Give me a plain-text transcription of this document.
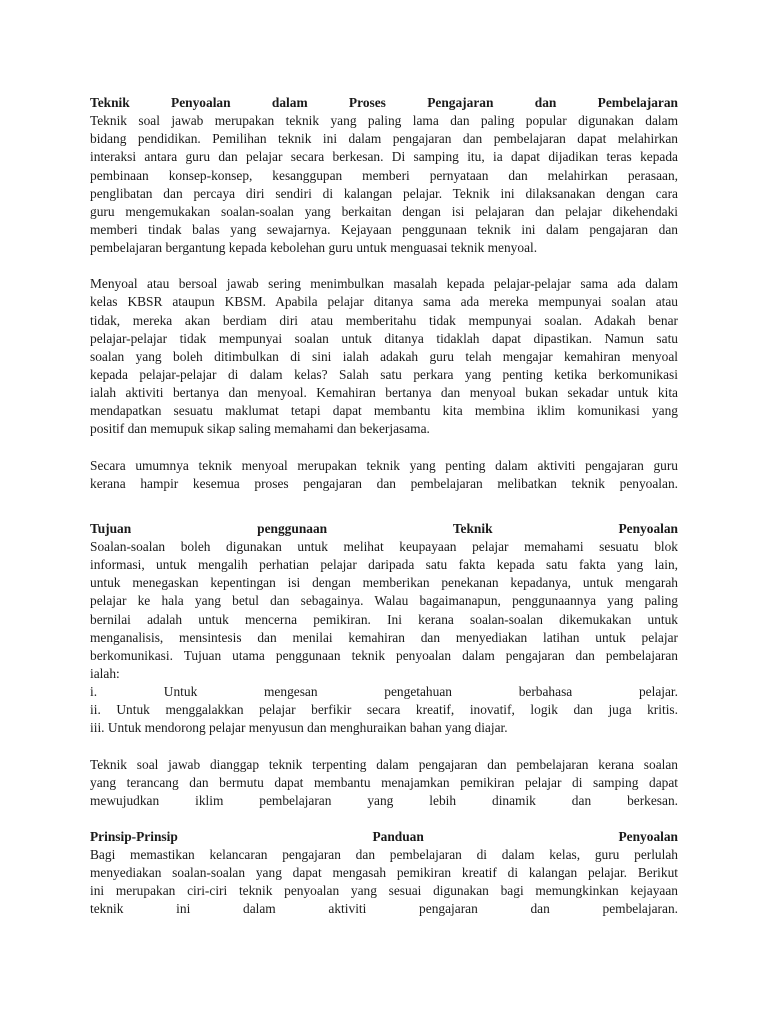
Teknik Penyoalan dalam Proses Pengajaran dan Pembelajaran
Teknik soal jawab merupakan teknik yang paling lama dan paling popular digunakan dalam
bidang pendidikan. Pemilihan teknik ini dalam pengajaran dan pembelajaran dapat melahirkan
interaksi antara guru dan pelajar secara berkesan. Di samping itu, ia dapat dijadikan teras kepada
pembinaan konsep-konsep, kesanggupan memberi pernyataan dan melahirkan perasaan,
penglibatan dan percaya diri sendiri di kalangan pelajar. Teknik ini dilaksanakan dengan cara
guru mengemukakan soalan-soalan yang berkaitan dengan isi pelajaran dan pelajar dikehendaki
memberi tindak balas yang sewajarnya. Kejayaan penggunaan teknik ini dalam pengajaran dan
pembelajaran bergantung kepada kebolehan guru untuk menguasai teknik menyoal.
Menyoal atau bersoal jawab sering menimbulkan masalah kepada pelajar-pelajar sama ada dalam
kelas KBSR ataupun KBSM. Apabila pelajar ditanya sama ada mereka mempunyai soalan atau
tidak, mereka akan berdiam diri atau memberitahu tidak mempunyai soalan. Adakah benar
pelajar-pelajar tidak mempunyai soalan untuk ditanya tidaklah dapat dipastikan. Namun satu
soalan yang boleh ditimbulkan di sini ialah adakah guru telah mengajar kemahiran menyoal
kepada pelajar-pelajar di dalam kelas? Salah satu perkara yang penting ketika berkomunikasi
ialah aktiviti bertanya dan menyoal. Kemahiran bertanya dan menyoal bukan sekadar untuk kita
mendapatkan sesuatu maklumat tetapi dapat membantu kita membina iklim komunikasi yang
positif dan memupuk sikap saling memahami dan bekerjasama.
Secara umumnya teknik menyoal merupakan teknik yang penting dalam aktiviti pengajaran guru
kerana hampir kesemua proses pengajaran dan pembelajaran melibatkan teknik penyoalan.
Tujuan penggunaan Teknik Penyoalan
Soalan-soalan boleh digunakan untuk melihat keupayaan pelajar memahami sesuatu blok
informasi, untuk mengalih perhatian pelajar daripada satu fakta kepada satu fakta yang lain,
untuk menegaskan kepentingan isi dengan memberikan penekanan kepadanya, untuk mengarah
pelajar ke hala yang betul dan sebagainya. Walau bagaimanapun, penggunaannya yang paling
bernilai adalah untuk mencerna pemikiran. Ini kerana soalan-soalan dikemukakan untuk
menganalisis, mensintesis dan menilai kemahiran dan menyediakan latihan untuk pelajar
berkomunikasi. Tujuan utama penggunaan teknik penyoalan dalam pengajaran dan pembelajaran
ialah:
i. Untuk mengesan pengetahuan berbahasa pelajar.
ii. Untuk menggalakkan pelajar berfikir secara kreatif, inovatif, logik dan juga kritis.
iii. Untuk mendorong pelajar menyusun dan menghuraikan bahan yang diajar.
Teknik soal jawab dianggap teknik terpenting dalam pengajaran dan pembelajaran kerana soalan
yang terancang dan bermutu dapat membantu menajamkan pemikiran pelajar di samping dapat
mewujudkan iklim pembelajaran yang lebih dinamik dan berkesan.
Prinsip-Prinsip Panduan Penyoalan
Bagi memastikan kelancaran pengajaran dan pembelajaran di dalam kelas, guru perlulah
menyediakan soalan-soalan yang dapat mengasah pemikiran kreatif di kalangan pelajar. Berikut
ini merupakan ciri-ciri teknik penyoalan yang sesuai digunakan bagi memungkinkan kejayaan
teknik ini dalam aktiviti pengajaran dan pembelajaran.
